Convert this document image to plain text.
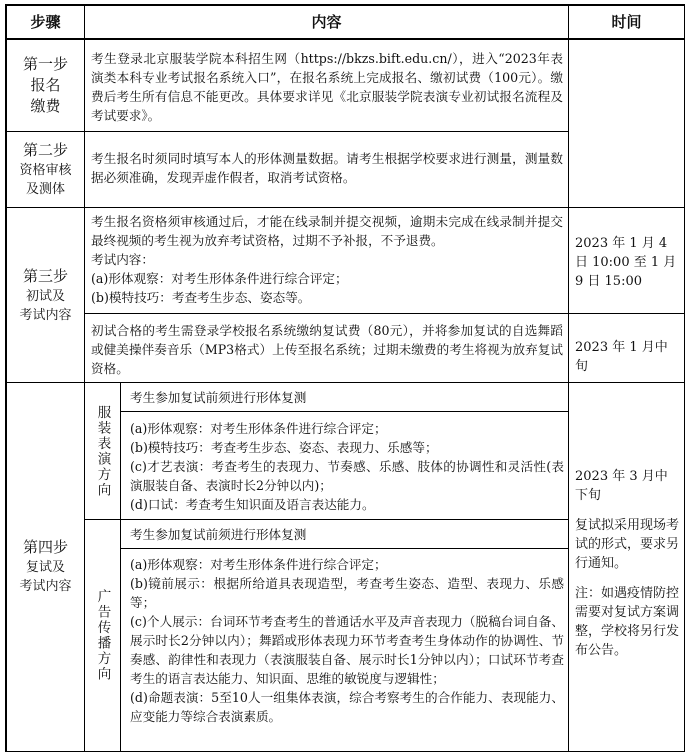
步骤	内容	时间
第一步
报名
缴费
考生登录北京服装学院本科招生网（https://bkzs.bift.edu.cn/），进入“2023年表演类本科专业考试报名系统入口”，在报名系统上完成报名、缴初试费（100元）。缴费后考生所有信息不能更改。具体要求详见《北京服装学院表演专业初试报名流程及考试要求》。
第二步
资格审核
及测体
考生报名时须同时填写本人的形体测量数据。请考生根据学校要求进行测量，测量数据必须准确，发现弄虚作假者，取消考试资格。
第三步
初试及
考试内容
考生报名资格须审核通过后，才能在线录制并提交视频，逾期未完成在线录制并提交最终视频的考生视为放弃考试资格，过期不予补报，不予退费。
考试内容：
(a)形体观察：对考生形体条件进行综合评定；
(b)模特技巧：考查考生步态、姿态等。
2023 年 1 月 4 日 10:00 至 1 月 9 日 15:00
初试合格的考生需登录学校报名系统缴纳复试费（80元），并将参加复试的自选舞蹈或健美操伴奏音乐（MP3格式）上传至报名系统；过期未缴费的考生将视为放弃复试资格。
2023 年 1 月中旬
第四步
复试及
考试内容
服装表演方向
考生参加复试前须进行形体复测
(a)形体观察：对考生形体条件进行综合评定；
(b)模特技巧：考查考生步态、姿态、表现力、乐感等；
(c)才艺表演：考查考生的表现力、节奏感、乐感、肢体的协调性和灵活性(表演服装自备、表演时长2分钟以内)；
(d)口试：考查考生知识面及语言表达能力。
广告传播方向
考生参加复试前须进行形体复测
(a)形体观察：对考生形体条件进行综合评定；
(b)镜前展示：根据所给道具表现造型，考查考生姿态、造型、表现力、乐感等；
(c)个人展示：台词环节考查考生的普通话水平及声音表现力（脱稿台词自备、展示时长2分钟以内）；舞蹈或形体表现力环节考查考生身体动作的协调性、节奏感、韵律性和表现力（表演服装自备、展示时长1分钟以内）；口试环节考查考生的语言表达能力、知识面、思维的敏锐度与逻辑性；
(d)命题表演：5至10人一组集体表演，综合考察考生的合作能力、表现能力、应变能力等综合表演素质。
2023 年 3 月中下旬
复试拟采用现场考试的形式，要求另行通知。
注：如遇疫情防控需要对复试方案调整，学校将另行发布公告。
